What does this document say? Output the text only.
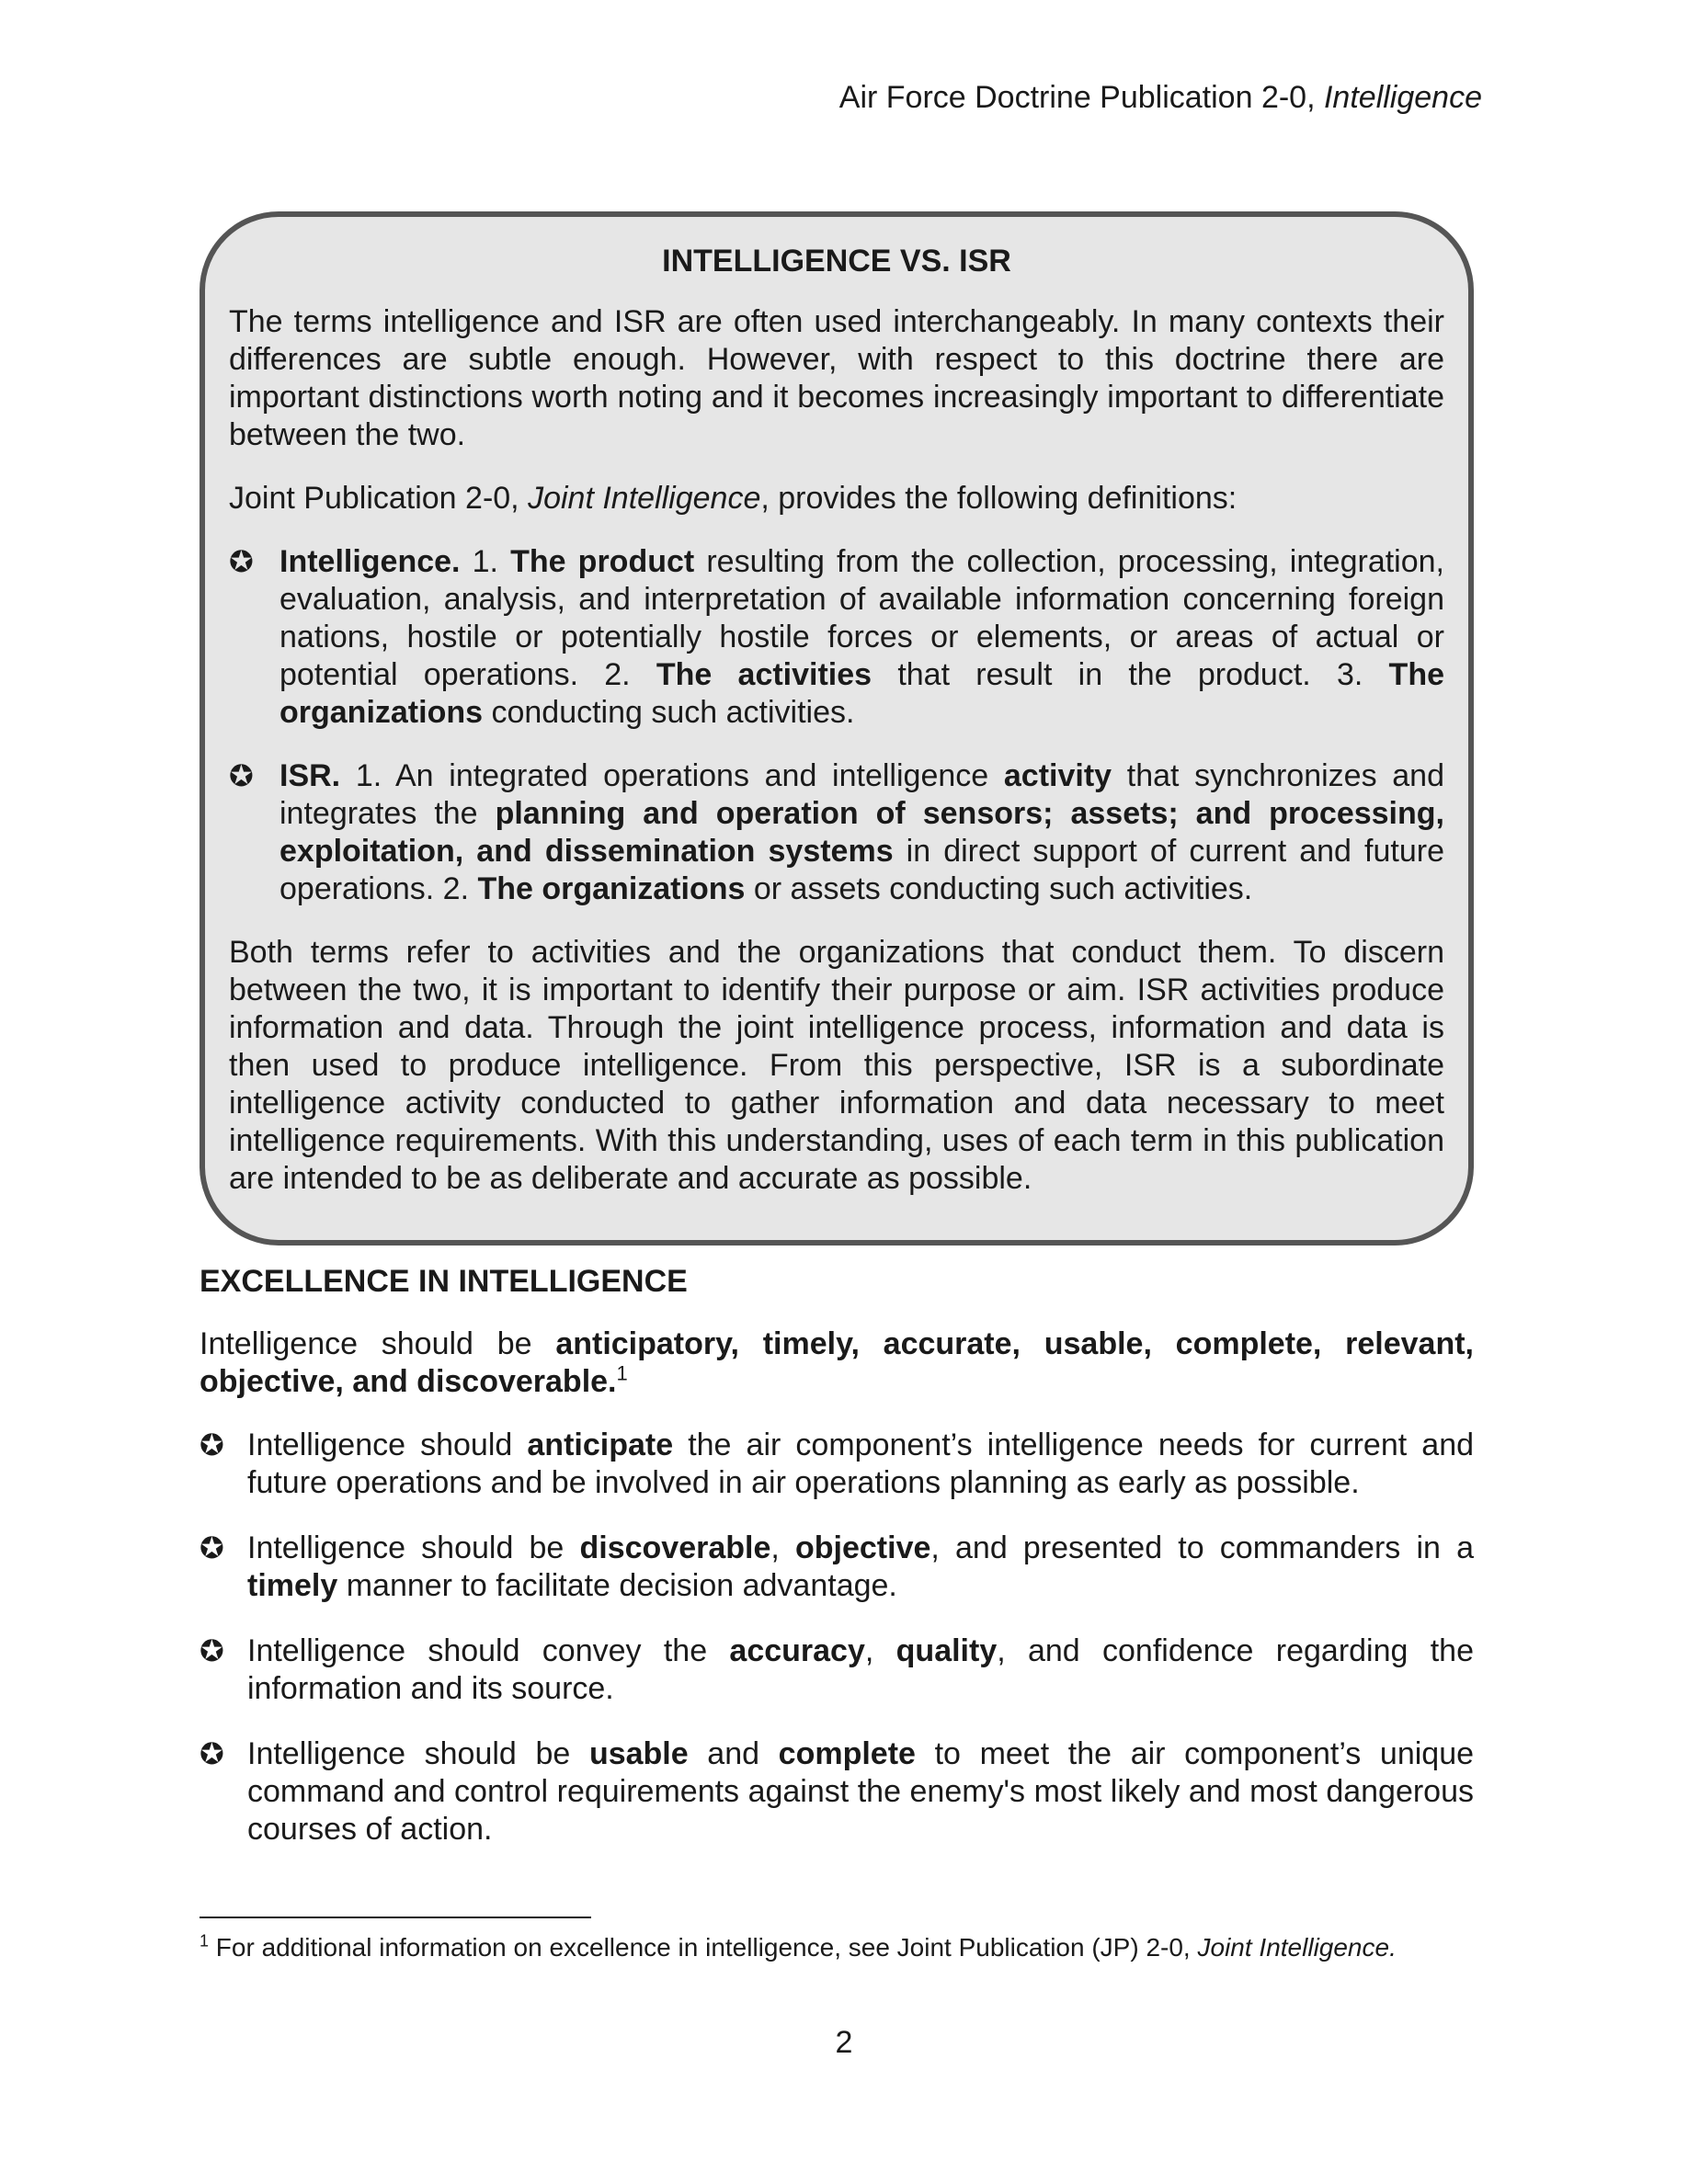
Air Force Doctrine Publication 2-0, Intelligence
INTELLIGENCE VS. ISR

The terms intelligence and ISR are often used interchangeably. In many contexts their differences are subtle enough. However, with respect to this doctrine there are important distinctions worth noting and it becomes increasingly important to differentiate between the two.

Joint Publication 2-0, Joint Intelligence, provides the following definitions:

✪ Intelligence. 1. The product resulting from the collection, processing, integration, evaluation, analysis, and interpretation of available information concerning foreign nations, hostile or potentially hostile forces or elements, or areas of actual or potential operations. 2. The activities that result in the product. 3. The organizations conducting such activities.
✪ ISR. 1. An integrated operations and intelligence activity that synchronizes and integrates the planning and operation of sensors; assets; and processing, exploitation, and dissemination systems in direct support of current and future operations. 2. The organizations or assets conducting such activities.

Both terms refer to activities and the organizations that conduct them. To discern between the two, it is important to identify their purpose or aim. ISR activities produce information and data. Through the joint intelligence process, information and data is then used to produce intelligence. From this perspective, ISR is a subordinate intelligence activity conducted to gather information and data necessary to meet intelligence requirements. With this understanding, uses of each term in this publication are intended to be as deliberate and accurate as possible.

EXCELLENCE IN INTELLIGENCE

Intelligence should be anticipatory, timely, accurate, usable, complete, relevant, objective, and discoverable.$^1$

✪ Intelligence should anticipate the air component’s intelligence needs for current and future operations and be involved in air operations planning as early as possible.
✪ Intelligence should be discoverable, objective, and presented to commanders in a timely manner to facilitate decision advantage.
✪ Intelligence should convey the accuracy, quality, and confidence regarding the information and its source.
✪ Intelligence should be usable and complete to meet the air component’s unique command and control requirements against the enemy's most likely and most dangerous courses of action.
$^1$ For additional information on excellence in intelligence, see Joint Publication (JP) 2-0, Joint Intelligence.
2
